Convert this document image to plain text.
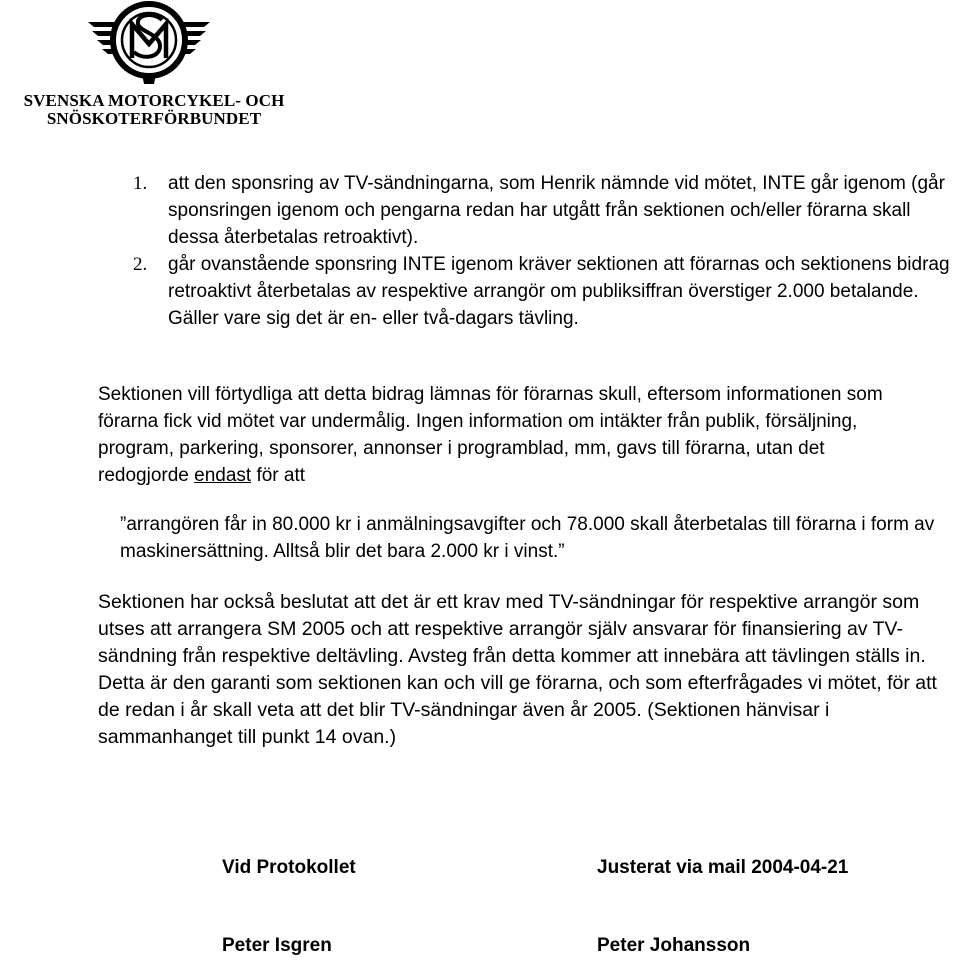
SVENSKA MOTORCYKEL- OCH
SNÖSKOTERFÖRBUNDET
1. att den sponsring av TV-sändningarna, som Henrik nämnde vid mötet, INTE går igenom (går sponsringen igenom och pengarna redan har utgått från sektionen och/eller förarna skall dessa återbetalas retroaktivt).
2. går ovanstående sponsring INTE igenom kräver sektionen att förarnas och sektionens bidrag retroaktivt återbetalas av respektive arrangör om publiksiffran överstiger 2.000 betalande. Gäller vare sig det är en- eller två-dagars tävling.
Sektionen vill förtydliga att detta bidrag lämnas för förarnas skull, eftersom informationen som förarna fick vid mötet var undermålig. Ingen information om intäkter från publik, försäljning, program, parkering, sponsorer, annonser i programblad, mm, gavs till förarna, utan det redogjorde endast för att
”arrangören får in 80.000 kr i anmälningsavgifter och 78.000 skall återbetalas till förarna i form av maskinersättning. Alltså blir det bara 2.000 kr i vinst.”
Sektionen har också beslutat att det är ett krav med TV-sändningar för respektive arrangör som utses att arrangera SM 2005 och att respektive arrangör själv ansvarar för finansiering av TV-sändning från respektive deltävling. Avsteg från detta kommer att innebära att tävlingen ställs in. Detta är den garanti som sektionen kan och vill ge förarna, och som efterfrågades vi mötet, för att de redan i år skall veta att det blir TV-sändningar även år 2005. (Sektionen hänvisar i sammanhanget till punkt 14 ovan.)
Vid Protokollet	Justerat via mail 2004-04-21
Peter Isgren	Peter Johansson
